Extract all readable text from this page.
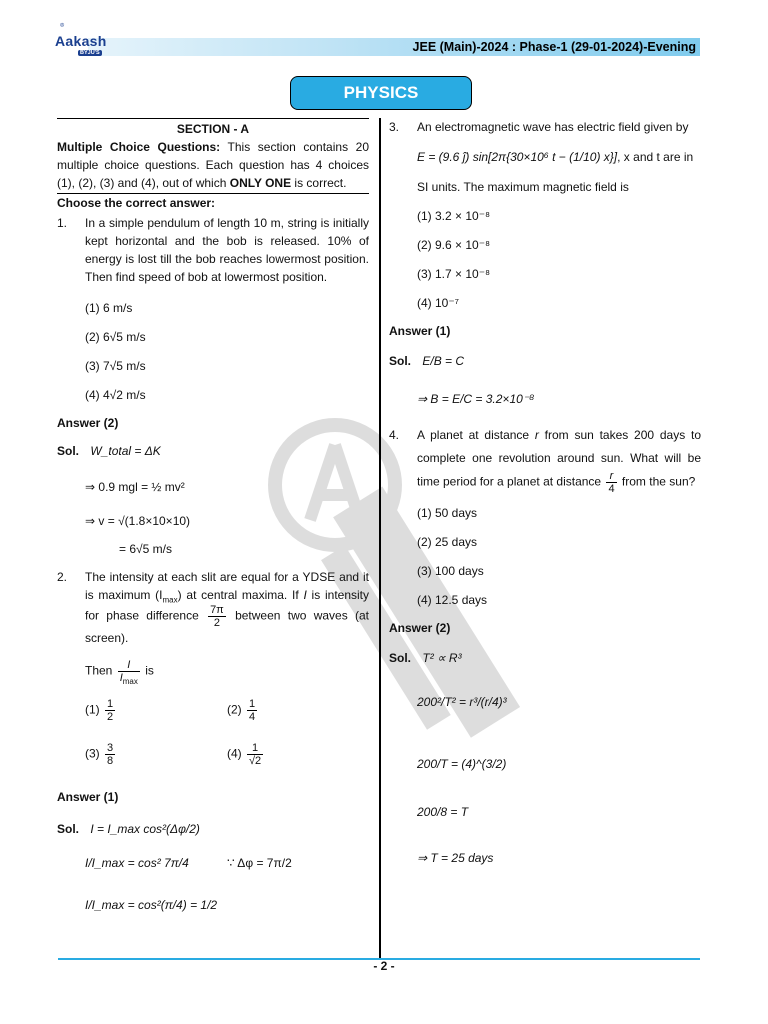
Aakash
BYJU'S	JEE (Main)-2024 : Phase-1 (29-01-2024)-Evening
PHYSICS
SECTION - A
Multiple Choice Questions: This section contains 20 multiple choice questions. Each question has 4 choices (1), (2), (3) and (4), out of which ONLY ONE is correct.
Choose the correct answer:
1. In a simple pendulum of length 10 m, string is initially kept horizontal and the bob is released. 10% of energy is lost till the bob reaches lowermost position. Then find speed of bob at lowermost position.
(1) 6 m/s
(2) 6√5 m/s
(3) 7√5 m/s
(4) 4√2 m/s
Answer (2)
Sol. W_total = ΔK
⇒ 0.9 mgl = ½ mv²
⇒ v = √(1.8×10×10)
= 6√5 m/s
2. The intensity at each slit are equal for a YDSE and it is maximum $(I_{max})$ at central maxima. If I is intensity for phase difference $\frac{7\pi}{2}$ between two waves (at screen).
Then $\frac{I}{I_{max}}$ is
$(1) \frac{1}{2}$	$(2) \frac{1}{4}$
$(3) \frac{3}{8}$	$(4) \frac{1}{√2}$
Answer (1)
Sol. I = I_max cos²(Δφ/2)
I/I_max = cos² 7π/4	∵ Δφ = 7π/2
I/I_max = cos²(π/4) = 1/2
3. An electromagnetic wave has electric field given by
E = (9.6 ĵ) sin[2π{30×10⁶ t − (1/10) x}], x and t are in
SI units. The maximum magnetic field is
(1) 3.2 × 10⁻⁸
(2) 9.6 × 10⁻⁸
(3) 1.7 × 10⁻⁸
(4) 10⁻⁷
Answer (1)
Sol. E/B = C
⇒ B = E/C = 3.2×10⁻⁸
4. A planet at distance r from sun takes 200 days to complete one revolution around sun. What will be time period for a planet at distance $\frac{r}{4}$ from the sun?
(1) 50 days
(2) 25 days
(3) 100 days
(4) 12.5 days
Answer (2)
Sol. T² ∝ R³
200²/T² = r³/(r/4)³
200/T = (4)^(3/2)
200/8 = T
⇒ T = 25 days
- 2 -
